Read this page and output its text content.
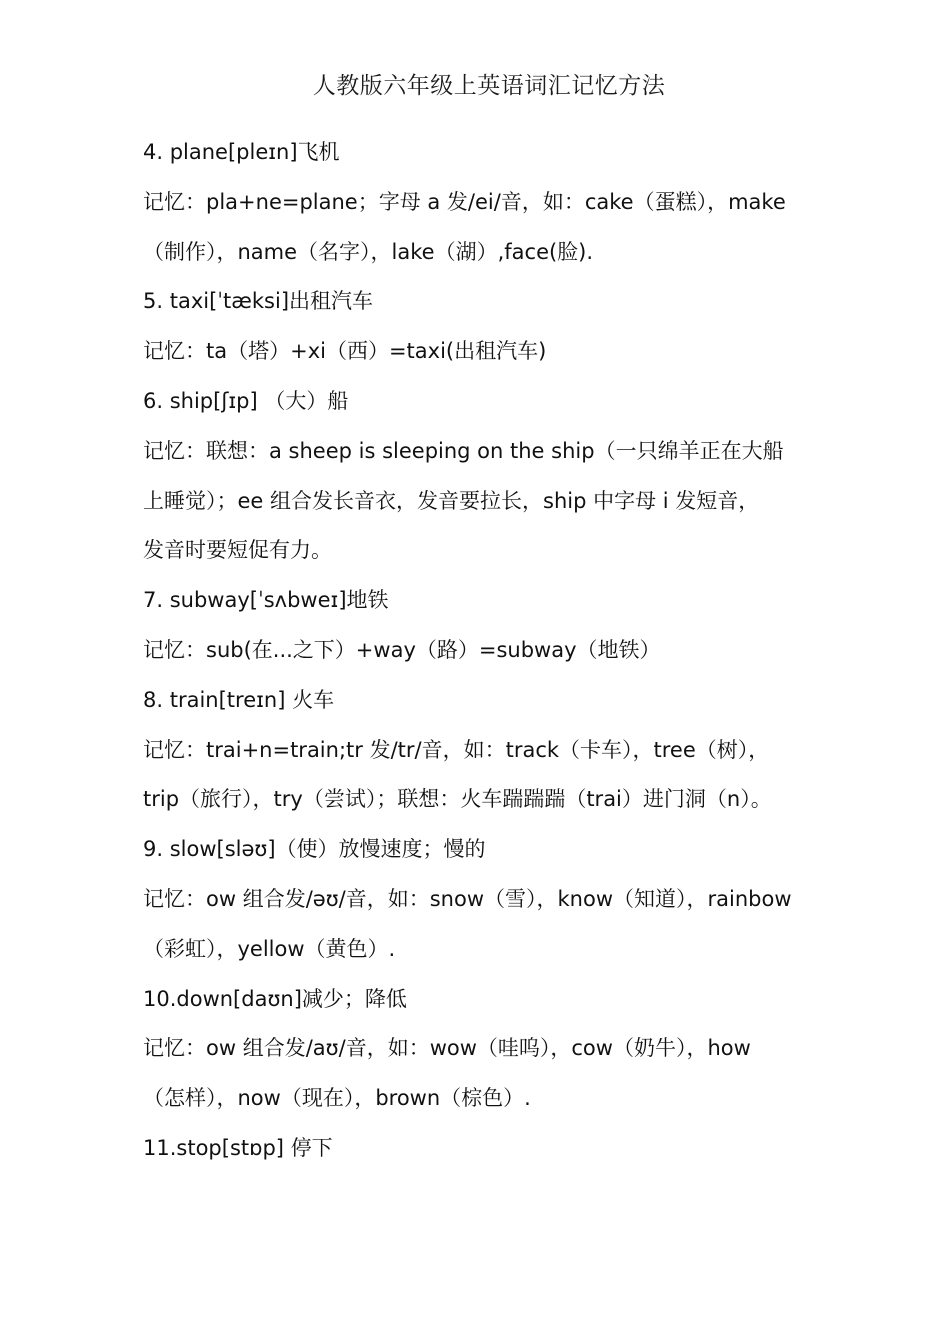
人教版六年级上英语词汇记忆方法
4. plane[pleɪn]飞机
记忆：pla+ne=plane；字母 a 发/ei/音，如：cake（蛋糕），make
（制作），name（名字），lake（湖）,face(脸).
5. taxi[ˈtæksi]出租汽车
记忆：ta（塔）+xi（西）=taxi(出租汽车)
6. ship[ʃɪp] （大）船
记忆：联想：a sheep is sleeping on the ship（一只绵羊正在大船
上睡觉）；ee 组合发长音衣，发音要拉长，ship 中字母 i 发短音，
发音时要短促有力。
7. subway[ˈsʌbweɪ]地铁
记忆：sub(在...之下）+way（路）=subway（地铁）
8. train[treɪn] 火车
记忆：trai+n=train;tr 发/tr/音，如：track（卡车），tree（树），
trip（旅行），try（尝试）；联想：火车踹踹踹（trai）进门洞（n）。
9. slow[sləʊ]（使）放慢速度；慢的
记忆：ow 组合发/əʊ/音，如：snow（雪），know（知道），rainbow
（彩虹），yellow（黄色）.
10.down[daʊn]减少；降低
记忆：ow 组合发/aʊ/音，如：wow（哇呜），cow（奶牛），how
（怎样），now（现在），brown（棕色）.
11.stop[stɒp] 停下
